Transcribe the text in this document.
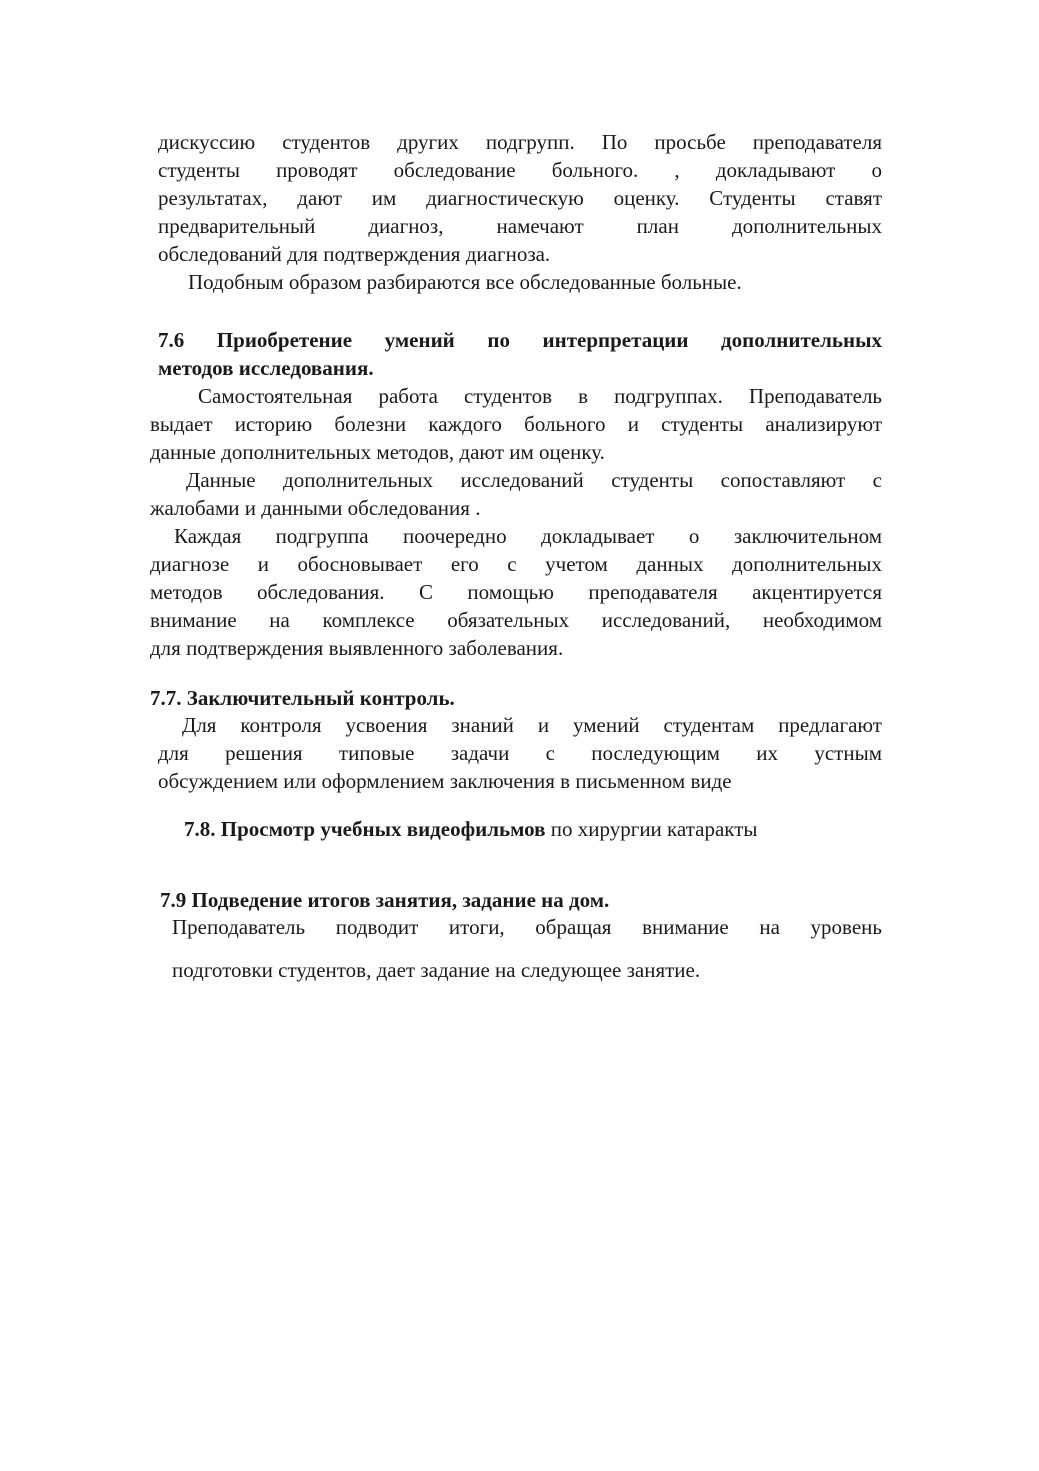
дискуссию студентов других подгрупп. По просьбе преподавателя
студенты проводят обследование больного. , докладывают о
результатах, дают им диагностическую оценку. Студенты ставят
предварительный диагноз, намечают план дополнительных
обследований для подтверждения диагноза.
Подобным образом разбираются все обследованные больные.
7.6 Приобретение умений по интерпретации дополнительных
методов исследования.
Самостоятельная работа студентов в подгруппах. Преподаватель
выдает историю болезни каждого больного и студенты анализируют
данные дополнительных методов, дают им оценку.
Данные дополнительных исследований студенты сопоставляют с
жалобами и данными обследования .
Каждая подгруппа поочередно докладывает о заключительном
диагнозе и обосновывает его с учетом данных дополнительных
методов обследования. С помощью преподавателя акцентируется
внимание на комплексе обязательных исследований, необходимом
для подтверждения выявленного заболевания.
7.7. Заключительный контроль.
Для контроля усвоения знаний и умений студентам предлагают
для решения типовые задачи с последующим их устным
обсуждением или оформлением заключения в письменном виде
7.8. Просмотр учебных видеофильмов по хирургии катаракты
7.9 Подведение итогов занятия, задание на дом.
Преподаватель подводит итоги, обращая внимание на уровень
подготовки студентов, дает задание на следующее занятие.
